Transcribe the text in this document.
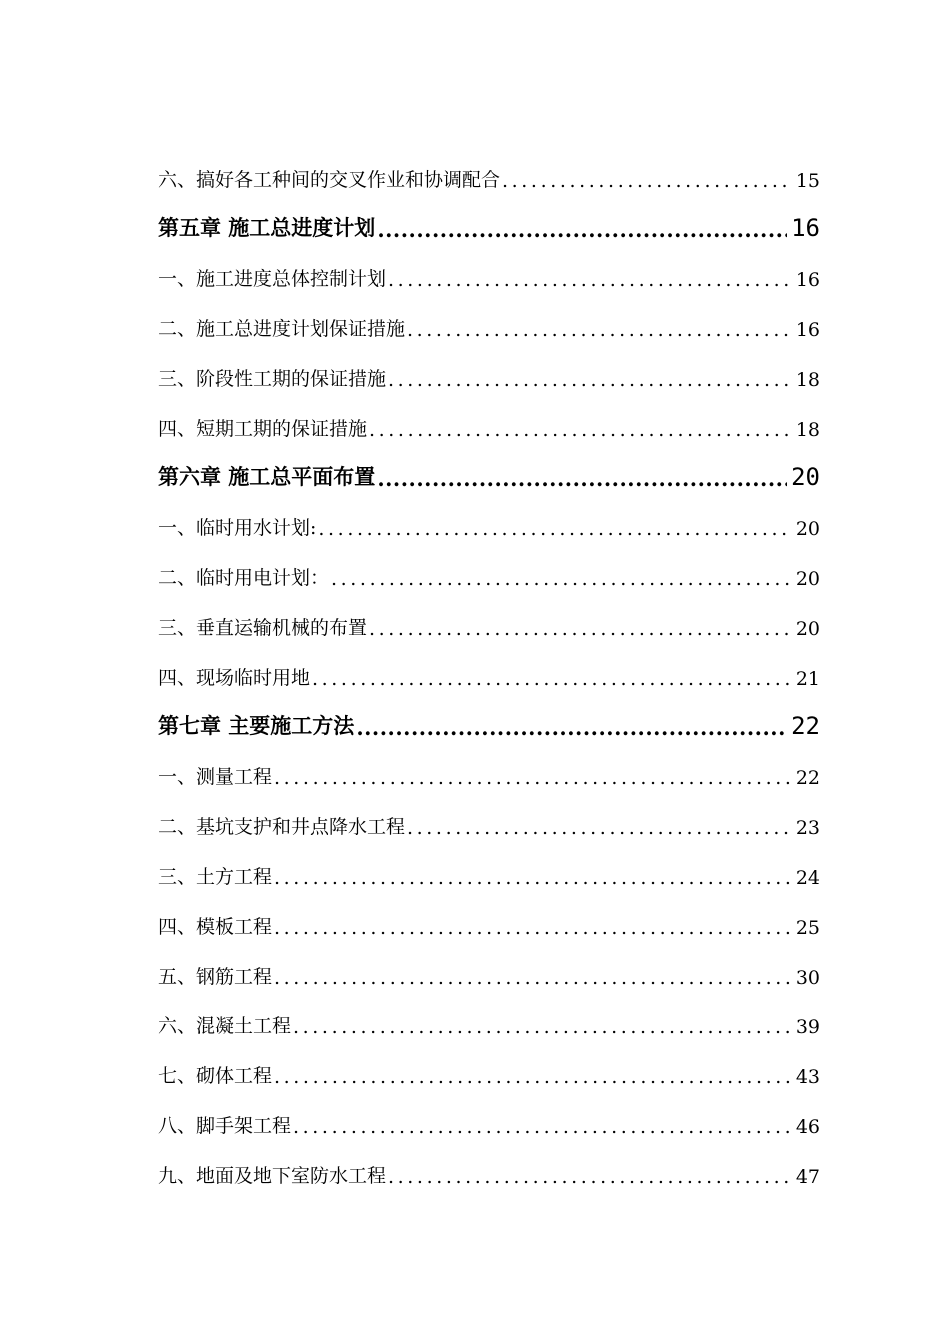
六、搞好各工种间的交叉作业和协调配合 .....	15
第五章 施工总进度计划 .....	16
一、施工进度总体控制计划 .....	16
二、施工总进度计划保证措施 .....	16
三、阶段性工期的保证措施 .....	18
四、短期工期的保证措施 .....	18
第六章 施工总平面布置 .....	20
一、临时用水计划: .....	20
二、临时用电计划： .....	20
三、垂直运输机械的布置 .....	20
四、现场临时用地 .....	21
第七章 主要施工方法 .....	22
一、测量工程 .....	22
二、基坑支护和井点降水工程 .....	23
三、土方工程 .....	24
四、模板工程 .....	25
五、钢筋工程 .....	30
六、混凝土工程 .....	39
七、砌体工程 .....	43
八、脚手架工程 .....	46
九、地面及地下室防水工程 .....	47
